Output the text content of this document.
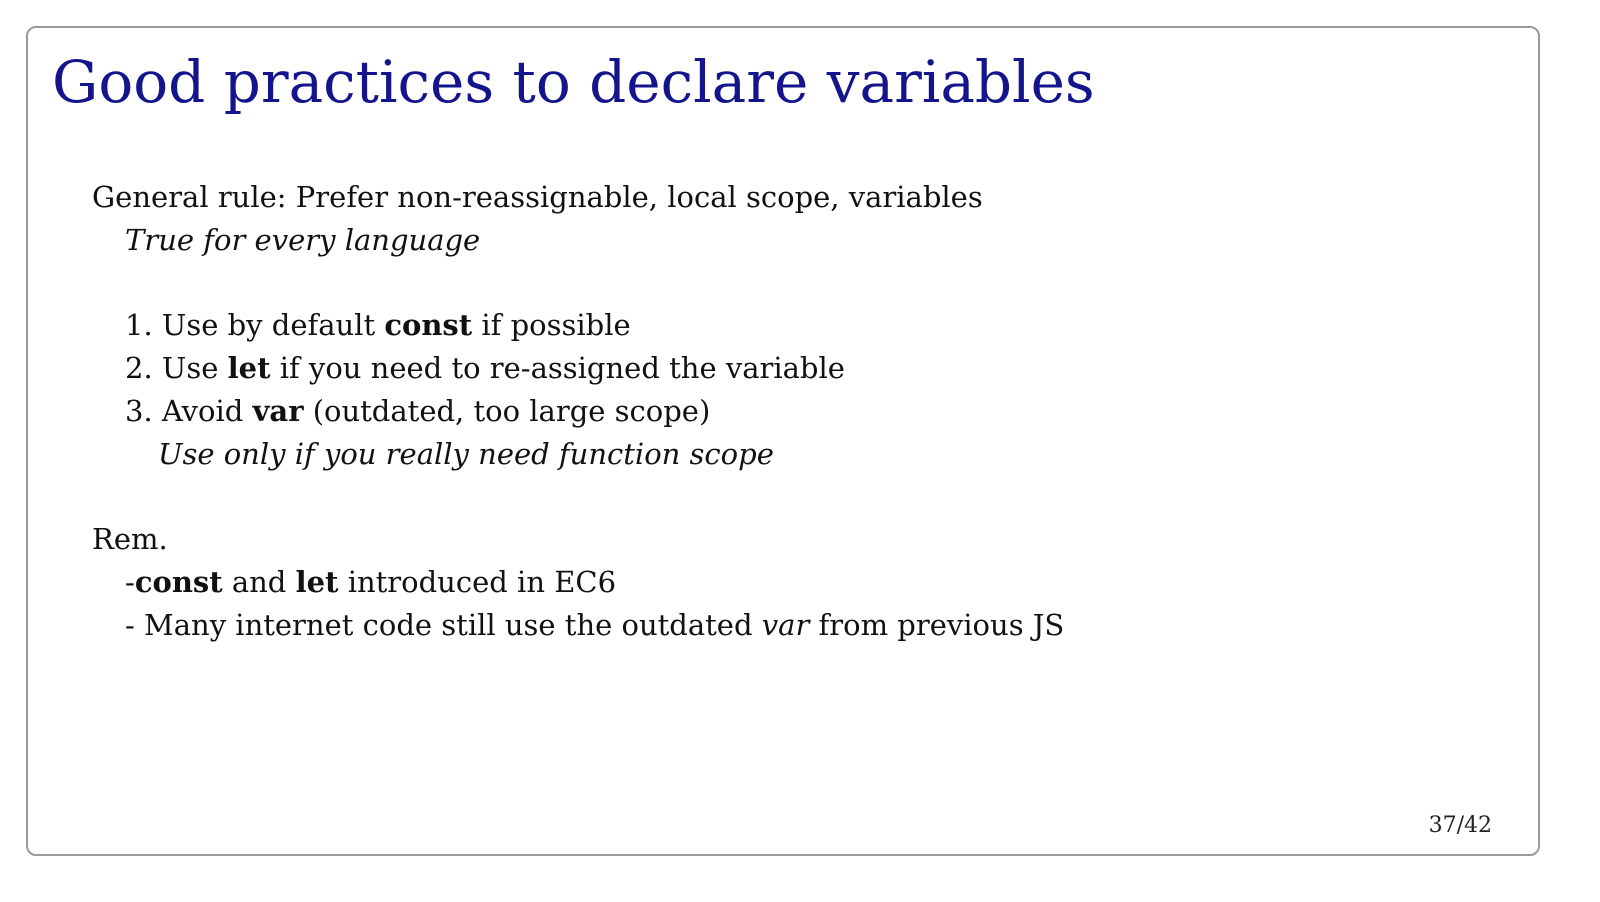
Good practices to declare variables
General rule: Prefer non-reassignable, local scope, variables
True for every language
1. Use by default const if possible
2. Use let if you need to re-assigned the variable
3. Avoid var (outdated, too large scope)
Use only if you really need function scope
Rem.
-const and let introduced in EC6
- Many internet code still use the outdated var from previous JS
37/42
